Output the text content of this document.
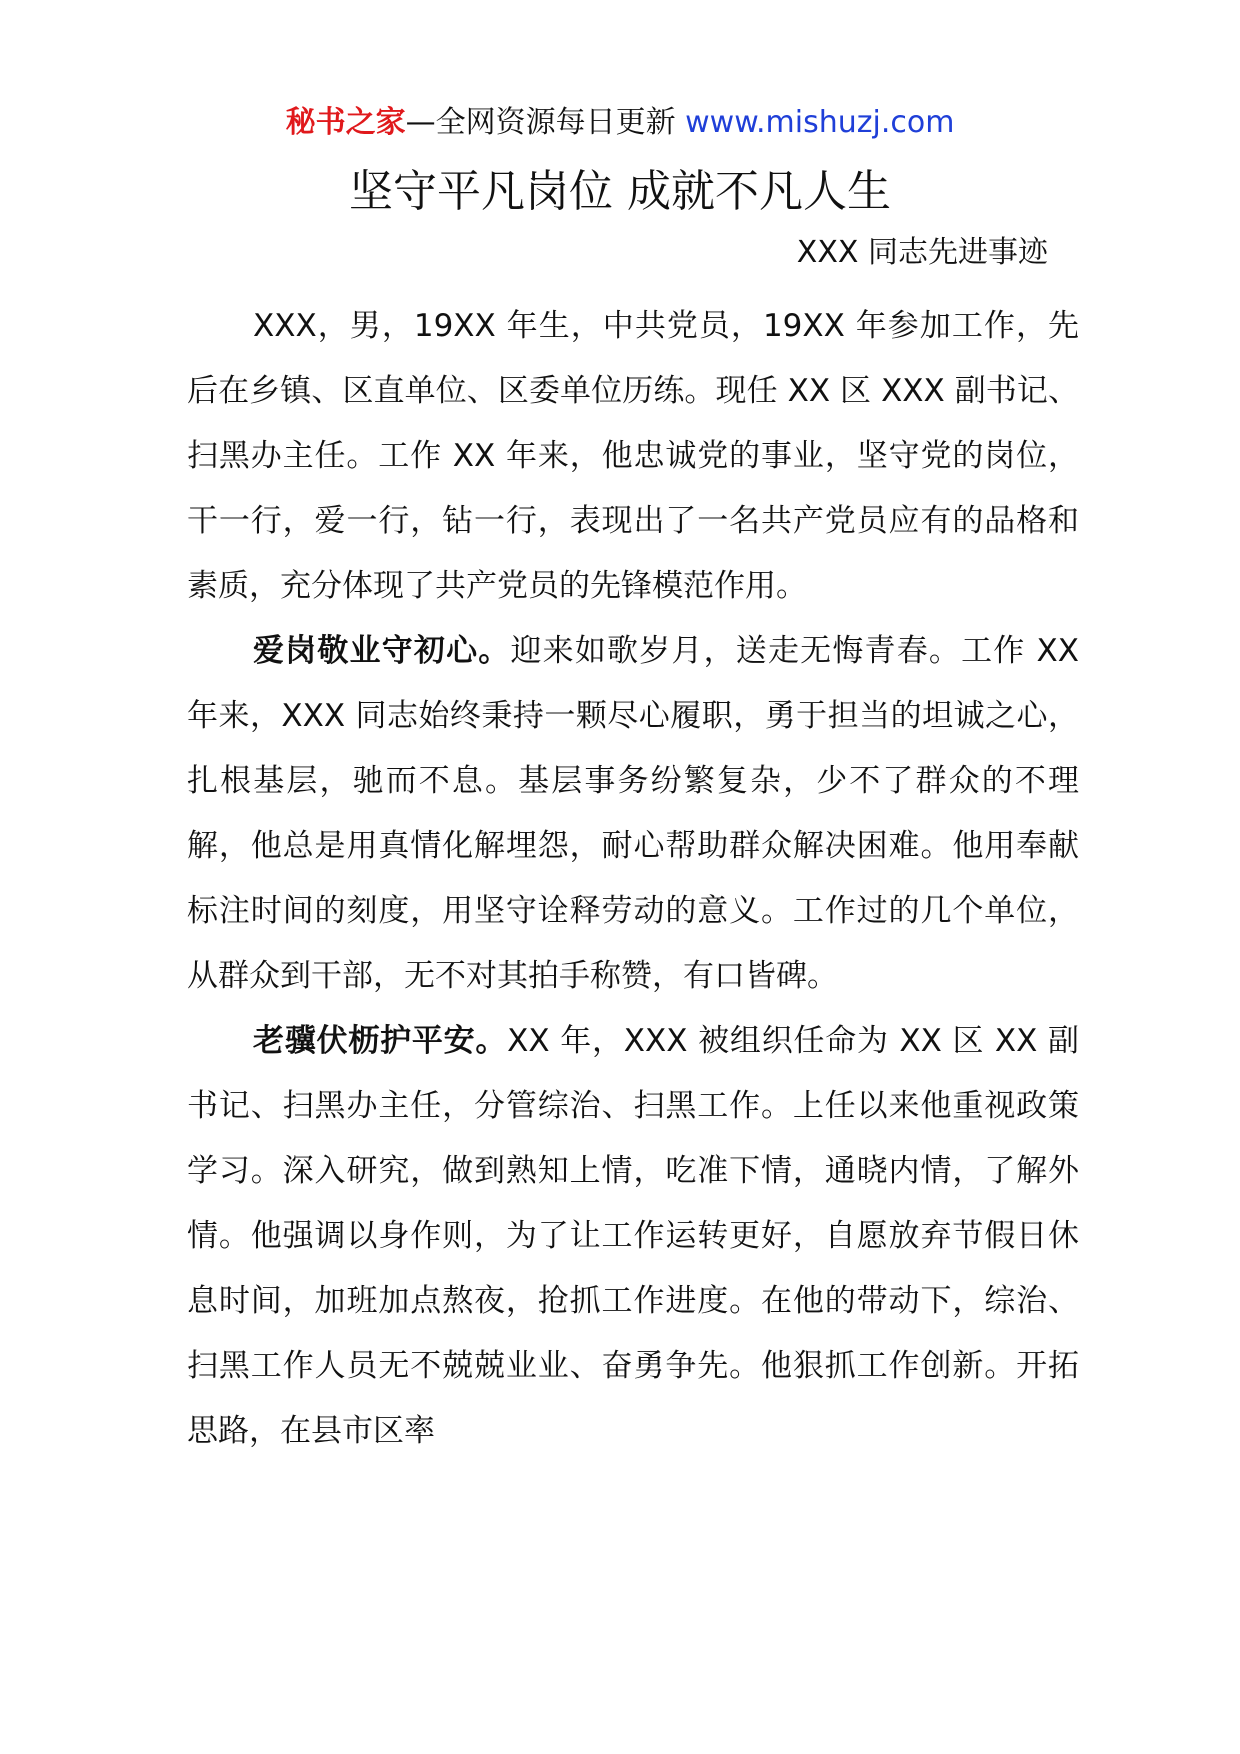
秘书之家—全网资源每日更新 www.mishuzj.com
坚守平凡岗位 成就不凡人生
XXX 同志先进事迹

XXX，男，19XX 年生，中共党员，19XX 年参加工作，先后在乡镇、区直单位、区委单位历练。现任 XX 区 XXX 副书记、扫黑办主任。工作 XX 年来，他忠诚党的事业，坚守党的岗位，干一行，爱一行，钻一行，表现出了一名共产党员应有的品格和素质，充分体现了共产党员的先锋模范作用。

爱岗敬业守初心。迎来如歌岁月，送走无悔青春。工作 XX 年来，XXX 同志始终秉持一颗尽心履职，勇于担当的坦诚之心，扎根基层，驰而不息。基层事务纷繁复杂，少不了群众的不理解，他总是用真情化解埋怨，耐心帮助群众解决困难。他用奉献标注时间的刻度，用坚守诠释劳动的意义。工作过的几个单位，从群众到干部，无不对其拍手称赞，有口皆碑。

老骥伏枥护平安。XX 年，XXX 被组织任命为 XX 区 XX 副书记、扫黑办主任，分管综治、扫黑工作。上任以来他重视政策学习。深入研究，做到熟知上情，吃准下情，通晓内情，了解外情。他强调以身作则，为了让工作运转更好，自愿放弃节假日休息时间，加班加点熬夜，抢抓工作进度。在他的带动下，综治、扫黑工作人员无不兢兢业业、奋勇争先。他狠抓工作创新。开拓思路，在县市区率
